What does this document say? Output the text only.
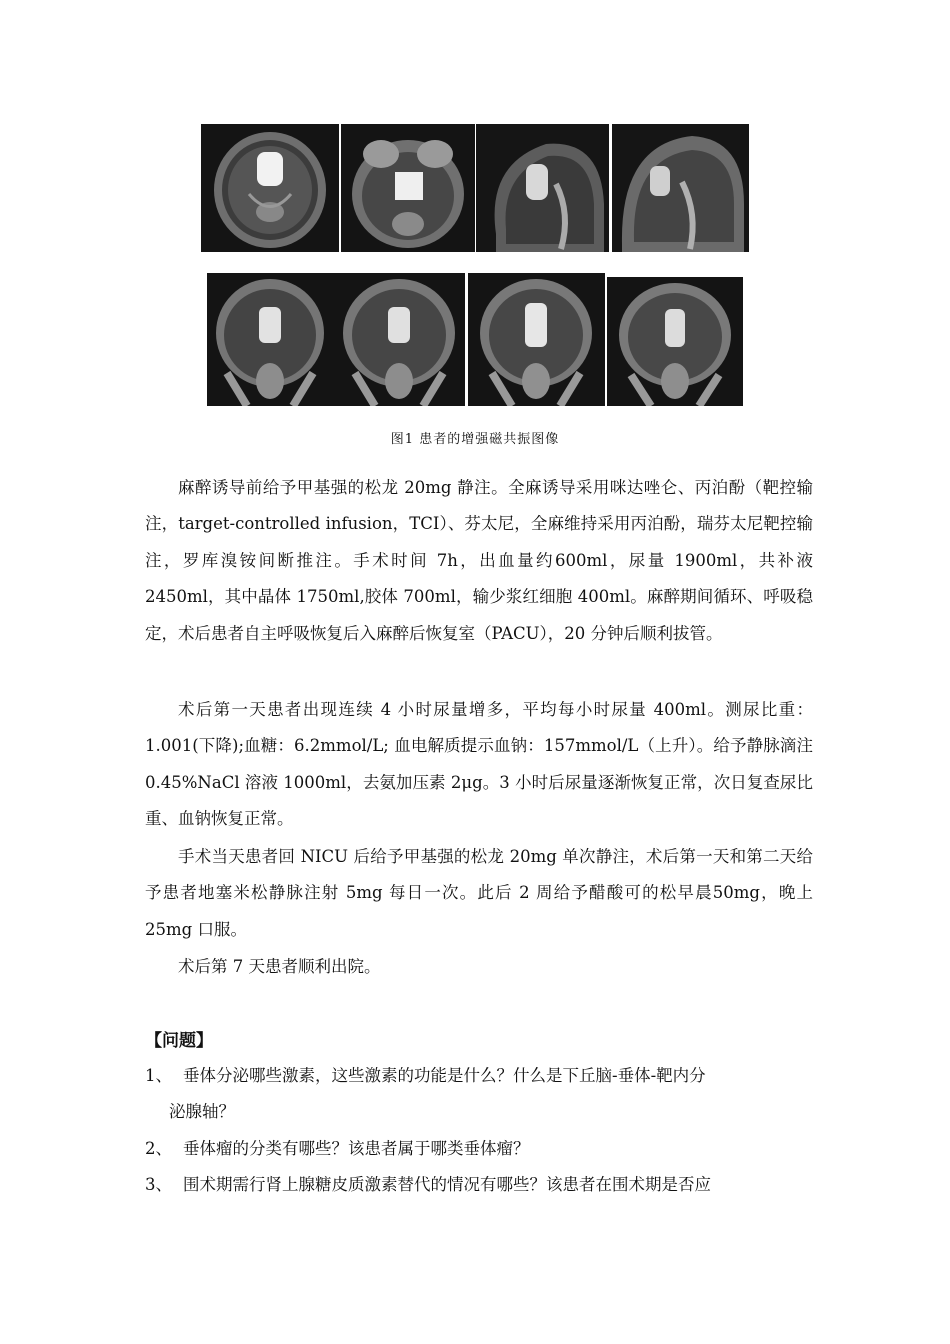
图1 患者的增强磁共振图像

麻醉诱导前给予甲基强的松龙 20mg 静注。全麻诱导采用咪达唑仑、丙泊酚（靶控输注，target-controlled infusion，TCI）、芬太尼，全麻维持采用丙泊酚，瑞芬太尼靶控输注，罗库溴铵间断推注。手术时间 7h，出血量约600ml，尿量 1900ml，共补液 2450ml，其中晶体 1750ml,胶体 700ml，输少浆红细胞 400ml。麻醉期间循环、呼吸稳定，术后患者自主呼吸恢复后入麻醉后恢复室（PACU），20 分钟后顺利拔管。

术后第一天患者出现连续 4 小时尿量增多，平均每小时尿量 400ml。测尿比重：1.001(下降);血糖：6.2mmol/L; 血电解质提示血钠：157mmol/L（上升）。给予静脉滴注 0.45%NaCl 溶液 1000ml，去氨加压素 2μg。3 小时后尿量逐渐恢复正常，次日复查尿比重、血钠恢复正常。

手术当天患者回 NICU 后给予甲基强的松龙 20mg 单次静注，术后第一天和第二天给予患者地塞米松静脉注射 5mg 每日一次。此后 2 周给予醋酸可的松早晨50mg，晚上 25mg 口服。

术后第 7 天患者顺利出院。

【问题】
1、 垂体分泌哪些激素，这些激素的功能是什么？什么是下丘脑-垂体-靶内分
泌腺轴？
2、 垂体瘤的分类有哪些？该患者属于哪类垂体瘤？
3、 围术期需行肾上腺糖皮质激素替代的情况有哪些？该患者在围术期是否应
